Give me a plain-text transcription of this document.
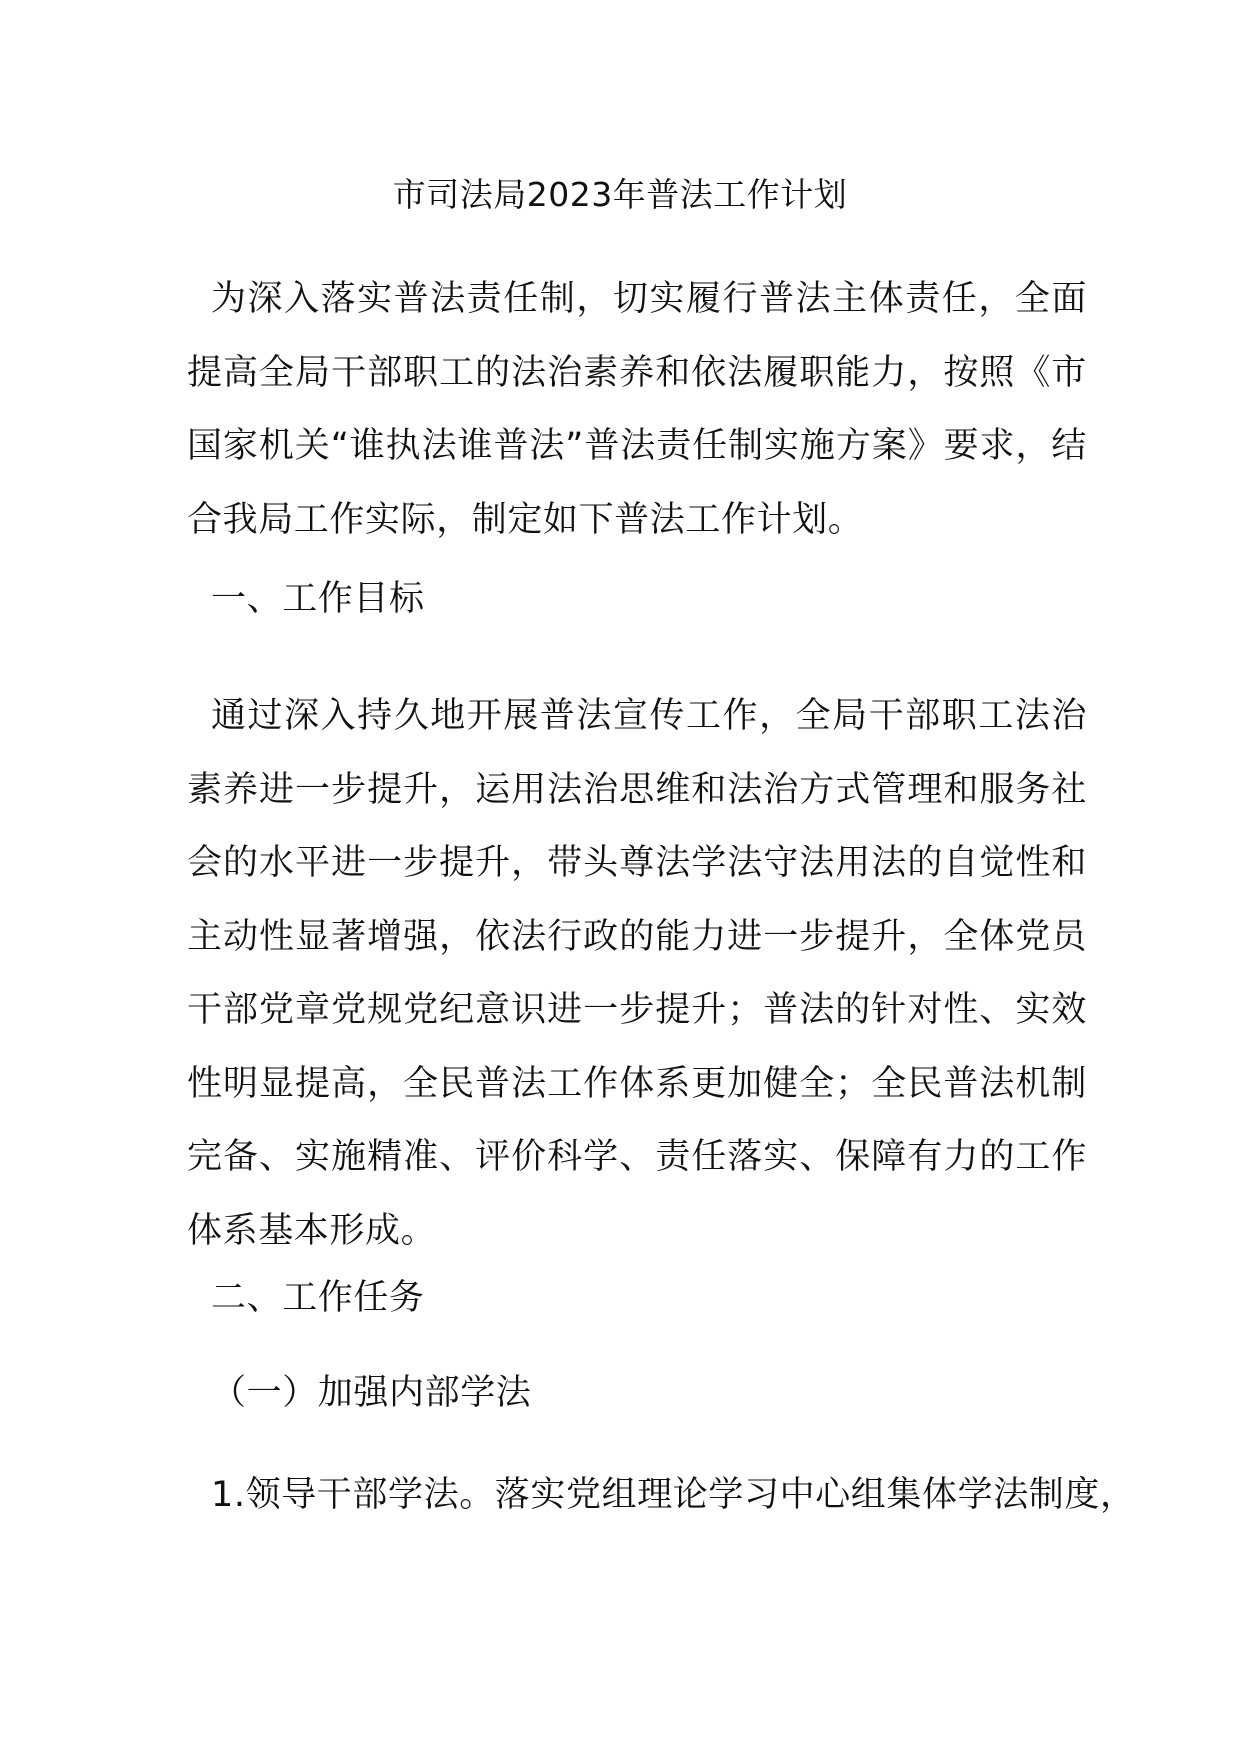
市司法局2023年普法工作计划

为深入落实普法责任制，切实履行普法主体责任，全面提高全局干部职工的法治素养和依法履职能力，按照《市国家机关“谁执法谁普法”普法责任制实施方案》要求，结合我局工作实际，制定如下普法工作计划。

一、工作目标

通过深入持久地开展普法宣传工作，全局干部职工法治素养进一步提升，运用法治思维和法治方式管理和服务社会的水平进一步提升，带头尊法学法守法用法的自觉性和主动性显著增强，依法行政的能力进一步提升，全体党员干部党章党规党纪意识进一步提升；普法的针对性、实效性明显提高，全民普法工作体系更加健全；全民普法机制完备、实施精准、评价科学、责任落实、保障有力的工作体系基本形成。

二、工作任务

（一）加强内部学法

1.领导干部学法。落实党组理论学习中心组集体学法制度，
